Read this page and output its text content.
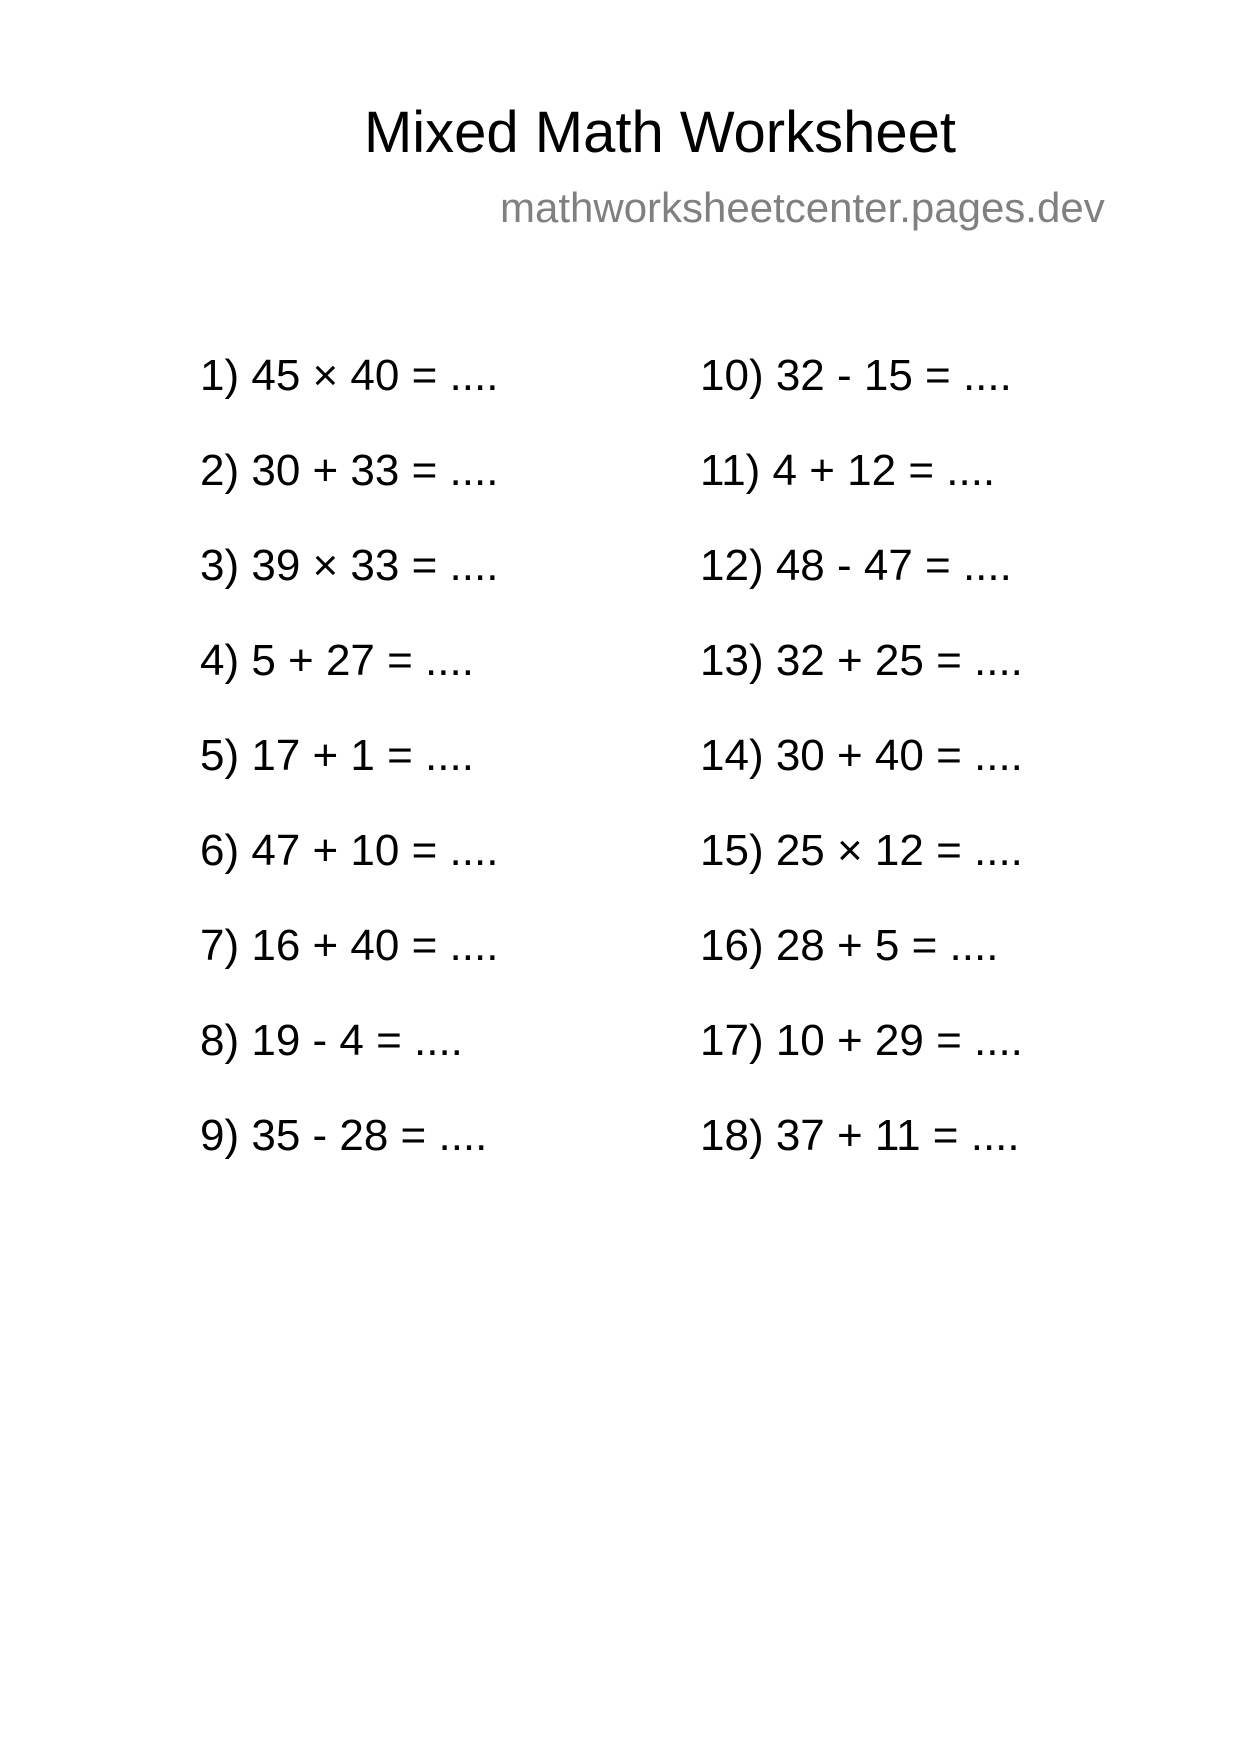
Mixed Math Worksheet
mathworksheetcenter.pages.dev
1) 45 × 40 = ....
2) 30 + 33 = ....
3) 39 × 33 = ....
4) 5 + 27 = ....
5) 17 + 1 = ....
6) 47 + 10 = ....
7) 16 + 40 = ....
8) 19 - 4 = ....
9) 35 - 28 = ....
10) 32 - 15 = ....
11) 4 + 12 = ....
12) 48 - 47 = ....
13) 32 + 25 = ....
14) 30 + 40 = ....
15) 25 × 12 = ....
16) 28 + 5 = ....
17) 10 + 29 = ....
18) 37 + 11 = ....
